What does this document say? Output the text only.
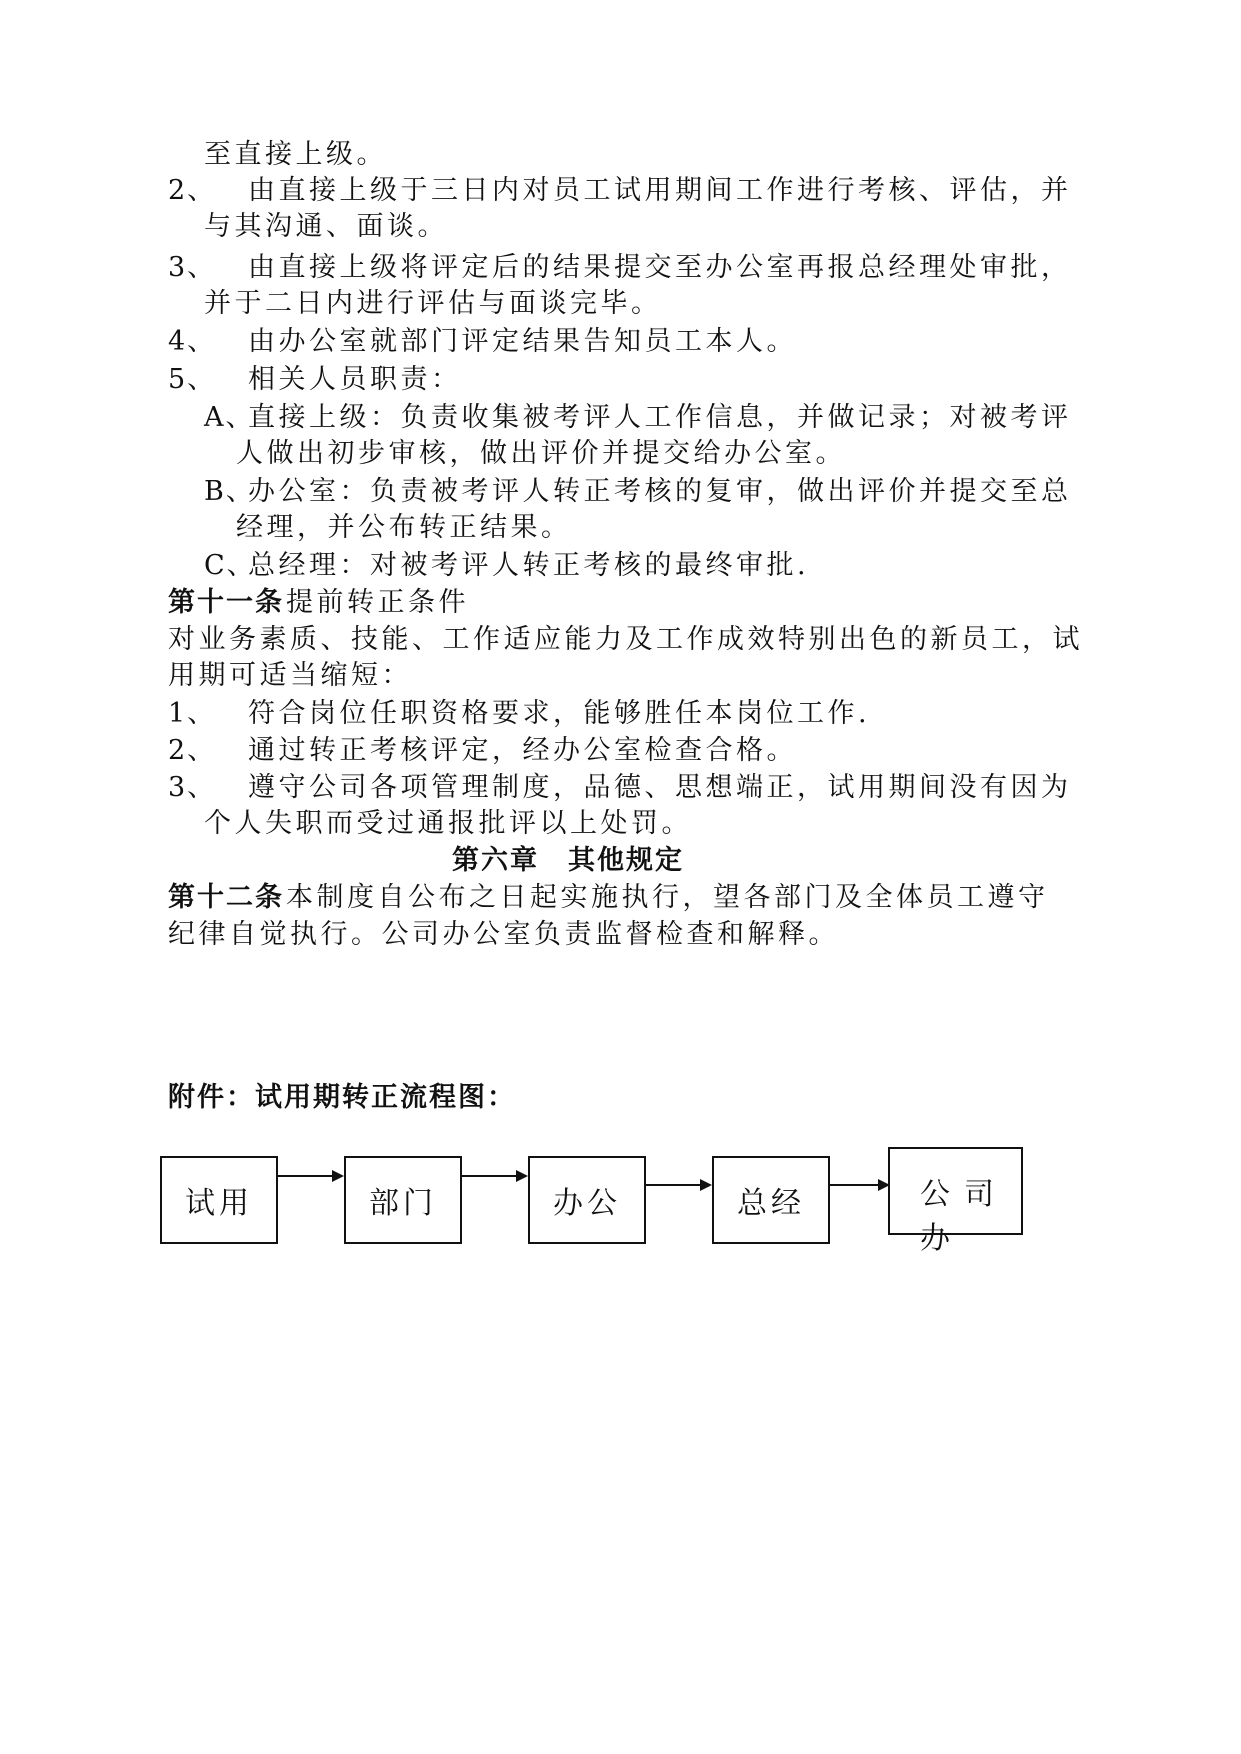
至直接上级。
2、 由直接上级于三日内对员工试用期间工作进行考核、评估，并
与其沟通、面谈。
3、 由直接上级将评定后的结果提交至办公室再报总经理处审批，
并于二日内进行评估与面谈完毕。
4、 由办公室就部门评定结果告知员工本人。
5、 相关人员职责：
A、
直接上级：负责收集被考评人工作信息，并做记录；对被考评
人做出初步审核，做出评价并提交给办公室。
B、
办公室：负责被考评人转正考核的复审，做出评价并提交至总
经理，并公布转正结果。
C、
总经理：对被考评人转正考核的最终审批.
第十一条 提前转正条件
对业务素质、技能、工作适应能力及工作成效特别出色的新员工，试
用期可适当缩短：
1、 符合岗位任职资格要求，能够胜任本岗位工作.
2、 通过转正考核评定，经办公室检查合格。
3、 遵守公司各项管理制度，品德、思想端正，试用期间没有因为
个人失职而受过通报批评以上处罚。
第六章　其他规定
第十二条 本制度自公布之日起实施执行，望各部门及全体员工遵守
纪律自觉执行。公司办公室负责监督检查和解释。
附件：试用期转正流程图：
试用	部门	办公	总经	公司办
